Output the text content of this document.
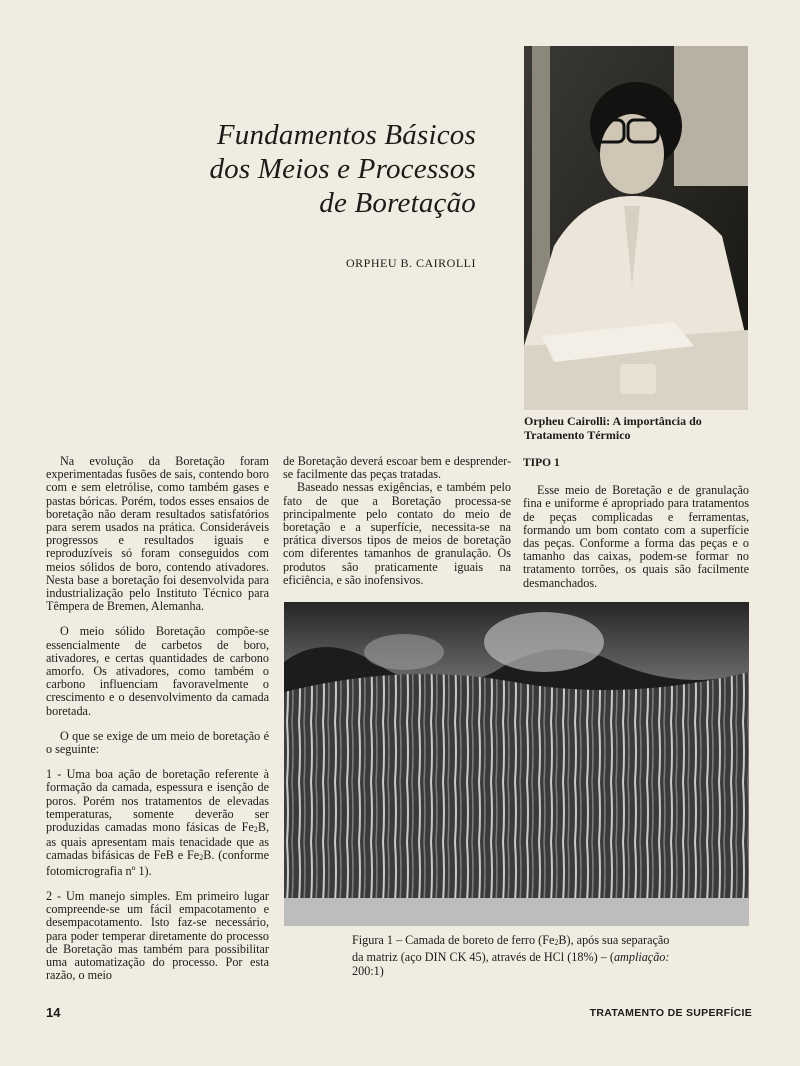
Fundamentos Básicos
dos Meios e Processos
de Boretação
ORPHEU B. CAIROLLI
Orpheu Cairolli: A importância do Tratamento Térmico

Na evolução da Boretação foram experimentadas fusões de sais, contendo boro com e sem eletrólise, como também gases e pastas bóricas. Porém, todos esses ensaios de boretação não deram resultados satisfatórios para serem usados na prática. Consideráveis progressos e resultados iguais e reproduzíveis só foram conseguidos com meios sólidos de boro, contendo ativadores. Nesta base a boretação foi desenvolvida para industrialização pelo Instituto Técnico para Têmpera de Bremen, Alemanha.

O meio sólido Boretação compõe-se essencialmente de carbetos de boro, ativadores, e certas quantidades de carbono amorfo. Os ativadores, como também o carbono influenciam favoravelmente o crescimento e o desenvolvimento da camada boretada.

O que se exige de um meio de boretação é o seguinte:

1 - Uma boa ação de boretação referente à formação da camada, espessura e isenção de poros. Porém nos tratamentos de elevadas temperaturas, somente deverão ser produzidas camadas mono fásicas de $Fe_2B$, as quais apresentam mais tenacidade que as camadas bifásicas de FeB e $Fe_2B$. (conforme fotomicrografia nº 1).

2 - Um manejo simples. Em primeiro lugar compreende-se um fácil empacotamento e desempacotamento. Isto faz-se necessário, para poder temperar diretamente do processo de Boretação mas também para possibilitar uma automatização do processo. Por esta razão, o meio

de Boretação deverá escoar bem e desprender-se facilmente das peças tratadas.

Baseado nessas exigências, e também pelo fato de que a Boretação processa-se principalmente pelo contato do meio de boretação e a superfície, necessita-se na prática diversos tipos de meios de boretação com diferentes tamanhos de granulação. Os produtos são praticamente iguais na eficiência, e são inofensivos.

TIPO 1

Esse meio de Boretação e de granulação fina e uniforme é apropriado para tratamentos de peças complicadas e ferramentas, formando um bom contato com a superfície das peças. Conforme a forma das peças e o tamanho das caixas, podem-se formar no tratamento torrões, os quais são facilmente desmanchados.

Figura 1 – Camada de boreto de ferro $(Fe_2B)$, após sua separação da matriz (aço DIN CK 45), através de HCl (18%) – (ampliação: 200:1)
14	TRATAMENTO DE SUPERFÍCIE
